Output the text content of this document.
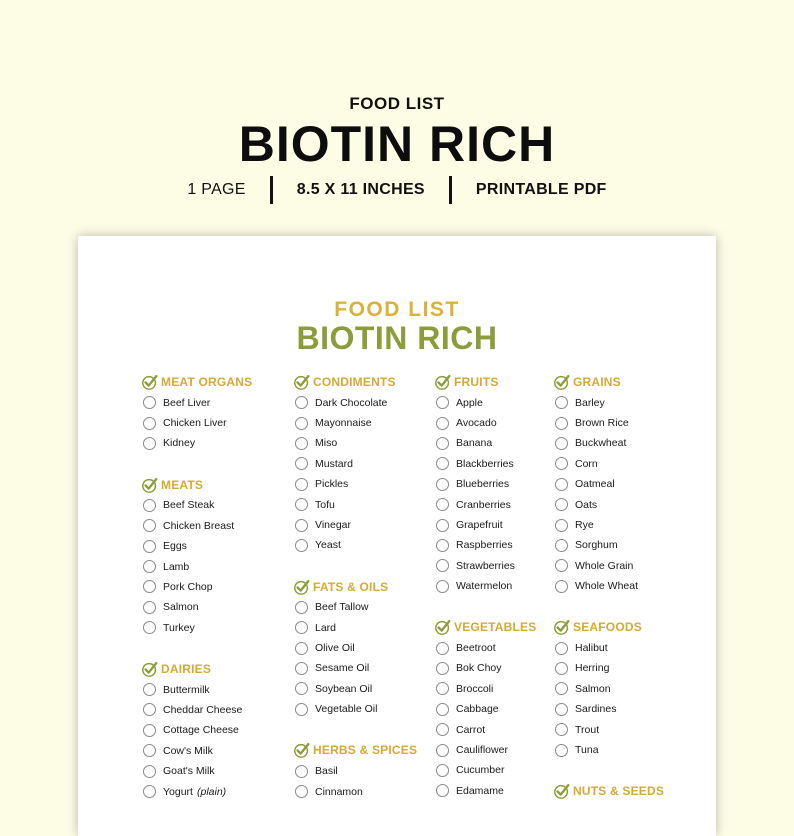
FOOD LIST
BIOTIN RICH
1 PAGE	8.5 X 11 INCHES	PRINTABLE PDF
FOOD LIST
BIOTIN RICH
MEAT ORGANS
Beef Liver
Chicken Liver
Kidney
MEATS
Beef Steak
Chicken Breast
Eggs
Lamb
Pork Chop
Salmon
Turkey
DAIRIES
Buttermilk
Cheddar Cheese
Cottage Cheese
Cow's Milk
Goat's Milk
Yogurt (plain)
CONDIMENTS
Dark Chocolate
Mayonnaise
Miso
Mustard
Pickles
Tofu
Vinegar
Yeast
FATS & OILS
Beef Tallow
Lard
Olive Oil
Sesame Oil
Soybean Oil
Vegetable Oil
HERBS & SPICES
Basil
Cinnamon
FRUITS
Apple
Avocado
Banana
Blackberries
Blueberries
Cranberries
Grapefruit
Raspberries
Strawberries
Watermelon
VEGETABLES
Beetroot
Bok Choy
Broccoli
Cabbage
Carrot
Cauliflower
Cucumber
Edamame
GRAINS
Barley
Brown Rice
Buckwheat
Corn
Oatmeal
Oats
Rye
Sorghum
Whole Grain
Whole Wheat
SEAFOODS
Halibut
Herring
Salmon
Sardines
Trout
Tuna
NUTS & SEEDS
